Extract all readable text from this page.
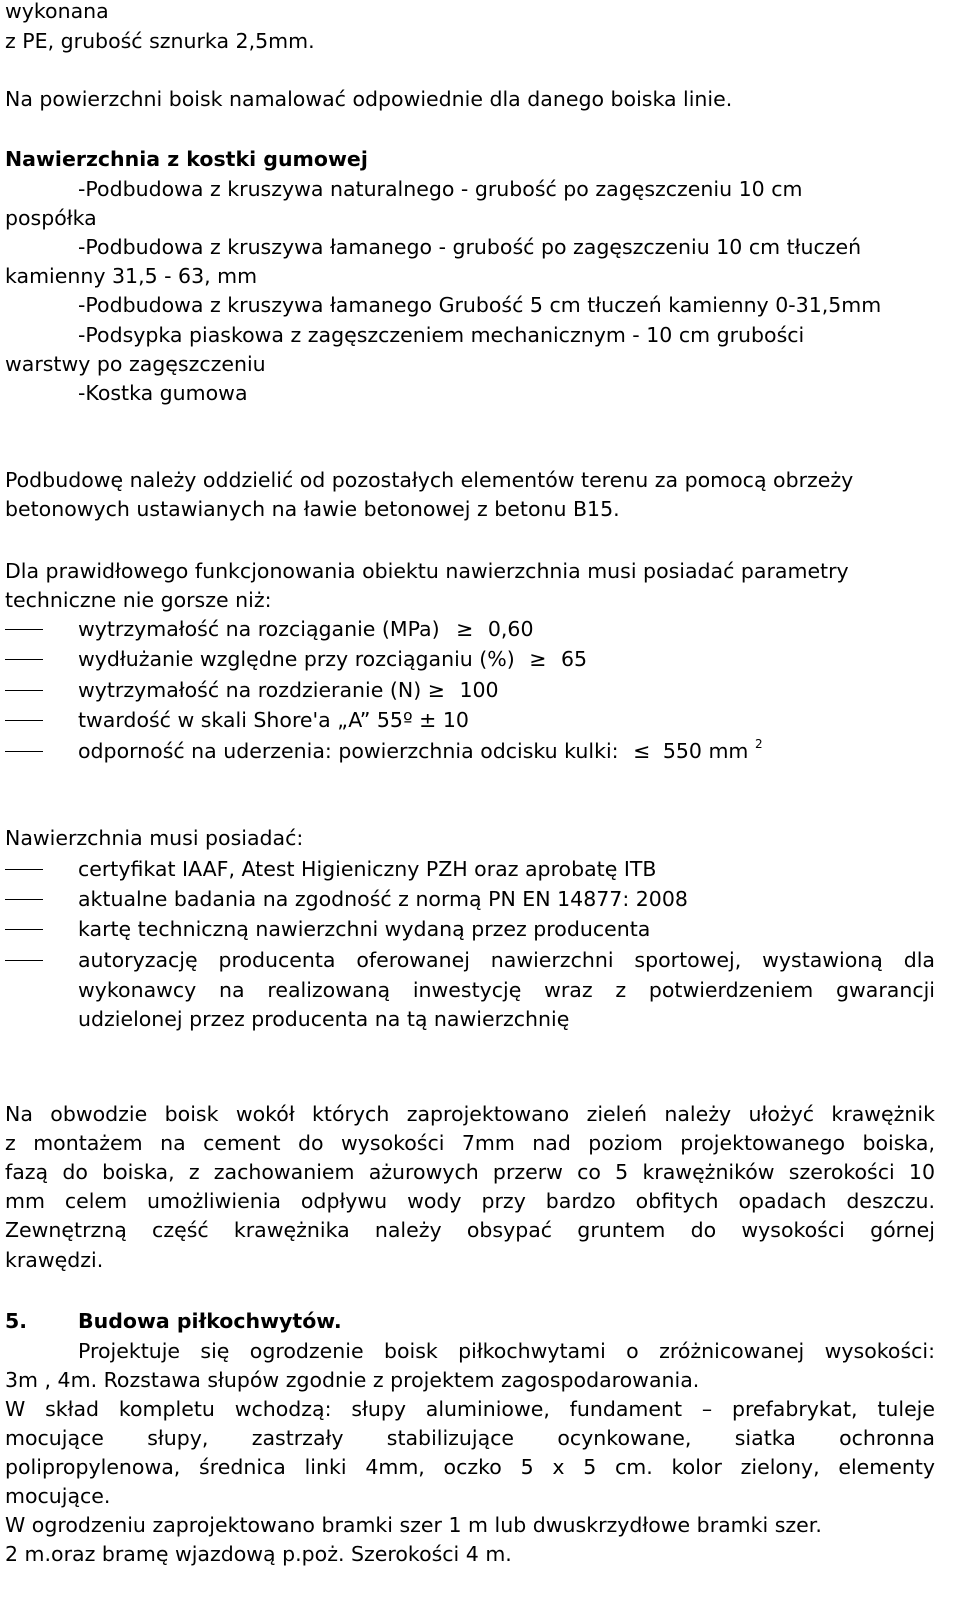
wykonana
z PE, grubość sznurka 2,5mm.
Na powierzchni boisk namalować odpowiednie dla danego boiska linie.
Nawierzchnia z kostki gumowej
-Podbudowa z kruszywa naturalnego - grubość po zagęszczeniu 10 cm
pospółka
-Podbudowa z kruszywa łamanego - grubość po zagęszczeniu 10 cm tłuczeń
kamienny 31,5 - 63, mm
-Podbudowa z kruszywa łamanego Grubość 5 cm tłuczeń kamienny 0-31,5mm
-Podsypka piaskowa z zagęszczeniem mechanicznym - 10 cm grubości
warstwy po zagęszczeniu
-Kostka gumowa
Podbudowę należy oddzielić od pozostałych elementów terenu za pomocą obrzeży
betonowych ustawianych na ławie betonowej z betonu B15.
Dla prawidłowego funkcjonowania obiektu nawierzchnia musi posiadać parametry
techniczne nie gorsze niż:
wytrzymałość na rozciąganie (MPa) ≥ 0,60
wydłużanie względne przy rozciąganiu (%) ≥ 65
wytrzymałość na rozdzieranie (N) ≥ 100
twardość w skali Shore'a „A” 55º ± 10
odporność na uderzenia: powierzchnia odcisku kulki: ≤ 550 mm $^2$
Nawierzchnia musi posiadać:
certyfikat IAAF, Atest Higieniczny PZH oraz aprobatę ITB
aktualne badania na zgodność z normą PN EN 14877: 2008
kartę techniczną nawierzchni wydaną przez producenta
autoryzację producenta oferowanej nawierzchni sportowej, wystawioną dla
wykonawcy na realizowaną inwestycję wraz z potwierdzeniem gwarancji
udzielonej przez producenta na tą nawierzchnię
Na obwodzie boisk wokół których zaprojektowano zieleń należy ułożyć krawężnik
z montażem na cement do wysokości 7mm nad poziom projektowanego boiska,
fazą do boiska, z zachowaniem ażurowych przerw co 5 krawężników szerokości 10
mm celem umożliwienia odpływu wody przy bardzo obfitych opadach deszczu.
Zewnętrzną część krawężnika należy obsypać gruntem do wysokości górnej
krawędzi.
5. Budowa piłkochwytów.
Projektuje się ogrodzenie boisk piłkochwytami o zróżnicowanej wysokości:
3m , 4m. Rozstawa słupów zgodnie z projektem zagospodarowania.
W skład kompletu wchodzą: słupy aluminiowe, fundament – prefabrykat, tuleje
mocujące słupy, zastrzały stabilizujące ocynkowane, siatka ochronna
polipropylenowa, średnica linki 4mm, oczko 5 x 5 cm. kolor zielony, elementy
mocujące.
W ogrodzeniu zaprojektowano bramki szer 1 m lub dwuskrzydłowe bramki szer.
2 m.oraz bramę wjazdową p.poż. Szerokości 4 m.
